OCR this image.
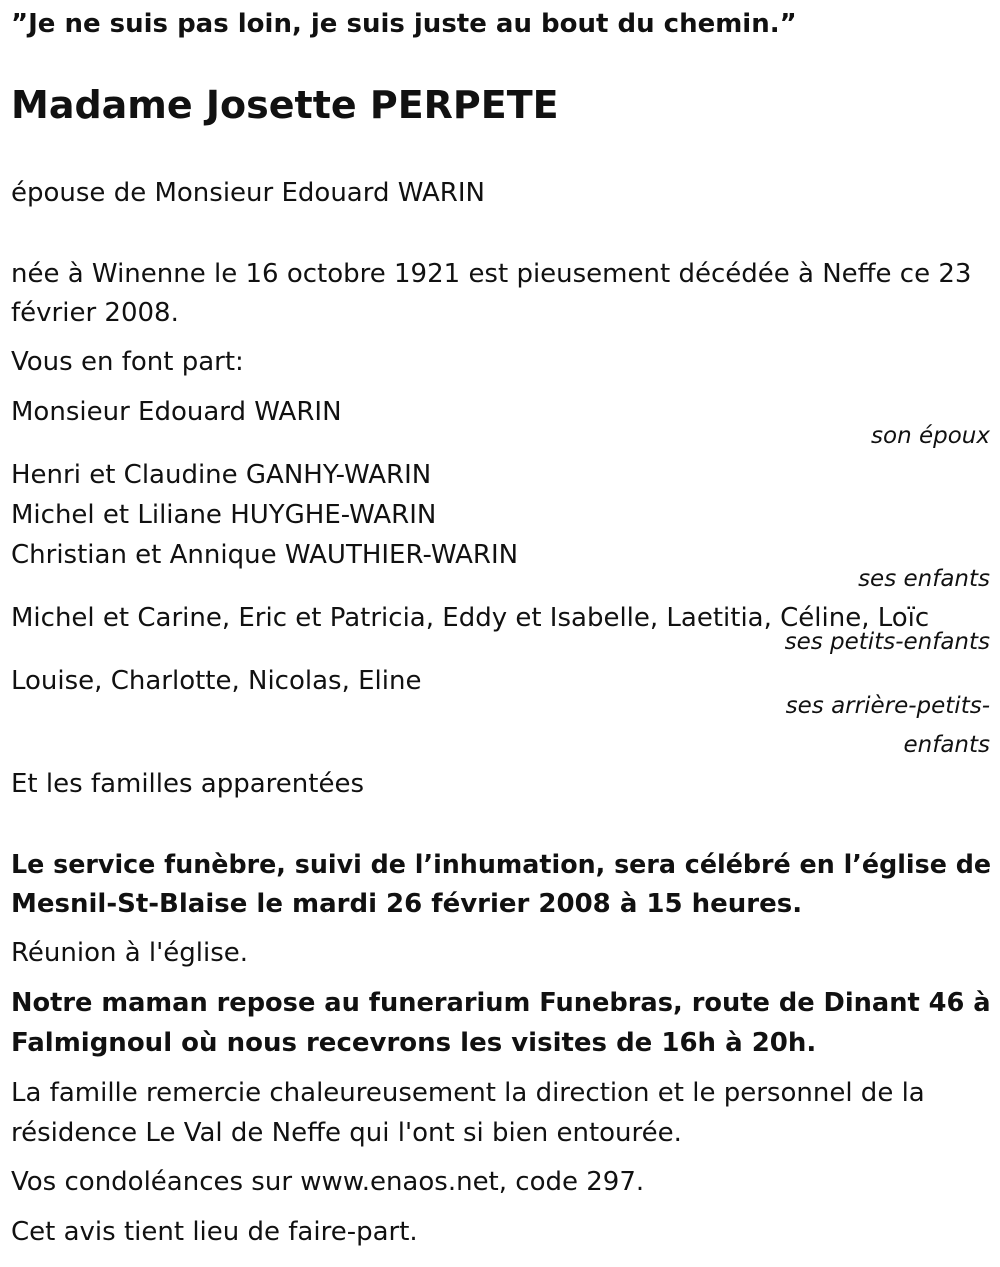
”Je ne suis pas loin, je suis juste au bout du chemin.”
Madame Josette PERPETE
épouse de Monsieur Edouard WARIN
née à Winenne le 16 octobre 1921 est pieusement décédée à Neffe ce 23
février 2008.
Vous en font part:
Monsieur Edouard WARIN
son époux
Henri et Claudine GANHY-WARIN
Michel et Liliane HUYGHE-WARIN
Christian et Annique WAUTHIER-WARIN
ses enfants
Michel et Carine, Eric et Patricia, Eddy et Isabelle, Laetitia, Céline, Loïc
ses petits-enfants
Louise, Charlotte, Nicolas, Eline
ses arrière-petits-
enfants
Et les familles apparentées
Le service funèbre, suivi de l’inhumation, sera célébré en l’église de
Mesnil-St-Blaise le mardi 26 février 2008 à 15 heures.
Réunion à l'église.
Notre maman repose au funerarium Funebras, route de Dinant 46 à
Falmignoul où nous recevrons les visites de 16h à 20h.
La famille remercie chaleureusement la direction et le personnel de la
résidence Le Val de Neffe qui l'ont si bien entourée.
Vos condoléances sur www.enaos.net, code 297.
Cet avis tient lieu de faire-part.
